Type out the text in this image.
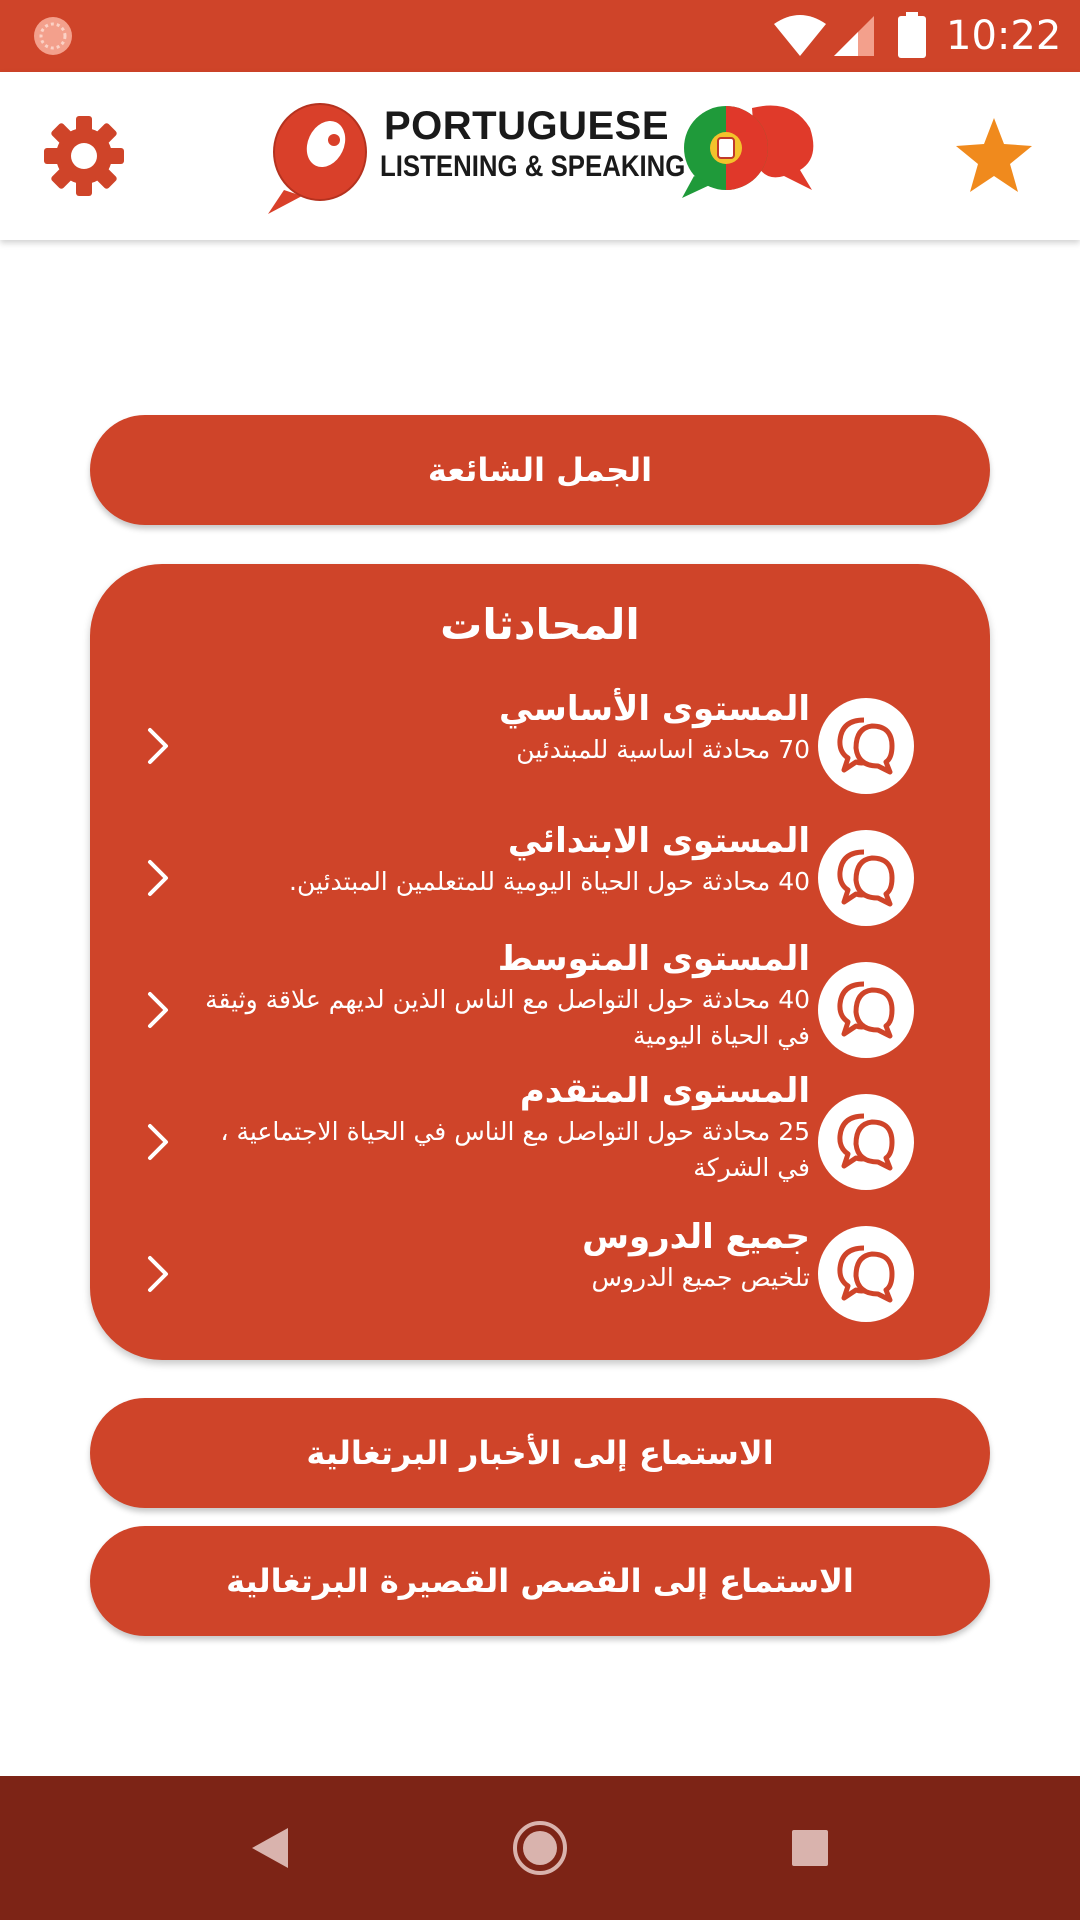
10:22
PORTUGUESE
LISTENING & SPEAKING
الجمل الشائعة
المحادثات
المستوى الأساسي
70 محادثة اساسية للمبتدئين
المستوى الابتدائي
40 محادثة حول الحياة اليومية للمتعلمين المبتدئين.
المستوى المتوسط
40 محادثة حول التواصل مع الناس الذين لديهم علاقة وثيقة في الحياة اليومية
المستوى المتقدم
25 محادثة حول التواصل مع الناس في الحياة الاجتماعية ، في الشركة
جميع الدروس
تلخيص جميع الدروس
الاستماع إلى الأخبار البرتغالية
الاستماع إلى القصص القصيرة البرتغالية
